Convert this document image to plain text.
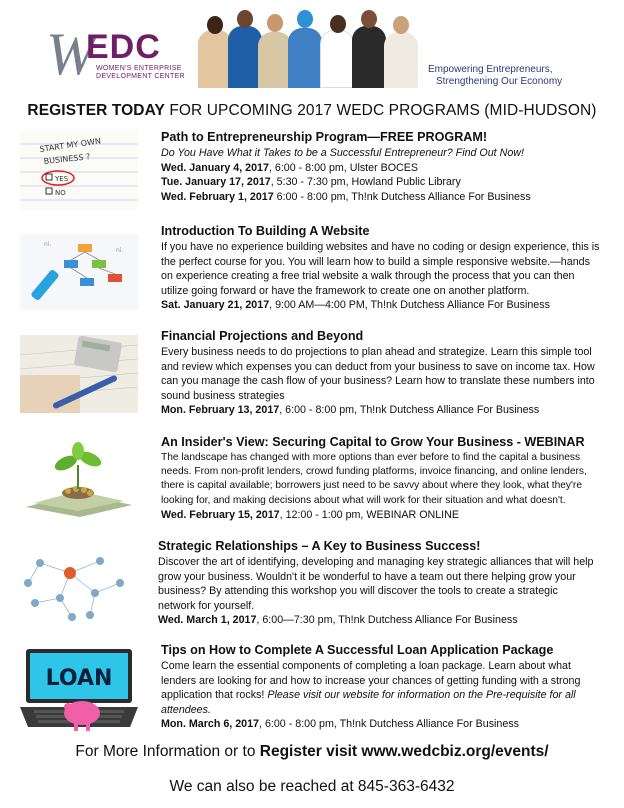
W
EDC
WOMEN'S ENTERPRISE
DEVELOPMENT CENTER
Empowering Entrepreneurs,
Strengthening Our Economy
REGISTER TODAY FOR UPCOMING 2017 WEDC PROGRAMS (MID-HUDSON)
START MY OWN
BUSINESS ?
YES
NO
Path to Entrepreneurship Program—FREE PROGRAM!
Do You Have What it Takes to be a Successful Entrepreneur? Find Out Now!
Wed. January 4, 2017, 6:00 - 8:00 pm, Ulster BOCES
Tue. January 17, 2017, 5:30 - 7:30 pm, Howland Public Library
Wed. February 1, 2017 6:00 - 8:00 pm, Th!nk Dutchess Alliance For Business
ni.
ni.
Introduction To Building A Website

If you have no experience building websites and have no coding or design experience, this is the perfect course for you. You will learn how to build a simple responsive website.—hands on experience creating a free trial website a walk through the process that you can then utilize going forward or have the framework to create one on another platform.

Sat. January 21, 2017, 9:00 AM—4:00 PM, Th!nk Dutchess Alliance For Business
Financial Projections and Beyond

Every business needs to do projections to plan ahead and strategize. Learn this simple tool and review which expenses you can deduct from your business to save on income tax. How can you manage the cash flow of your business? Learn how to translate these numbers into sound business strategies

Mon. February 13, 2017, 6:00 - 8:00 pm, Th!nk Dutchess Alliance For Business
An Insider's View: Securing Capital to Grow Your Business - WEBINAR

The landscape has changed with more options than ever before to find the capital a business needs. From non-profit lenders, crowd funding platforms, invoice financing, and online lenders, there is capital available; borrowers just need to be savvy about where they look, what they're looking for, and making decisions about what will work for their situation and what doesn't.

Wed. February 15, 2017, 12:00 - 1:00 pm, WEBINAR ONLINE
Strategic Relationships – A Key to Business Success!

Discover the art of identifying, developing and managing key strategic alliances that will help grow your business. Wouldn't it be wonderful to have a team out there helping grow your business? By attending this workshop you will discover the tools to create a strategic network for yourself.

Wed. March 1, 2017, 6:00—7:30 pm, Th!nk Dutchess Alliance For Business
LOAN
Tips on How to Complete A Successful Loan Application Package

Come learn the essential components of completing a loan package. Learn about what lenders are looking for and how to increase your chances of getting funding with a strong application that rocks! Please visit our website for information on the Pre-requisite for all attendees.

Mon. March 6, 2017, 6:00 - 8:00 pm, Th!nk Dutchess Alliance For Business
For More Information or to Register visit www.wedcbiz.org/events/
We can also be reached at 845-363-6432
